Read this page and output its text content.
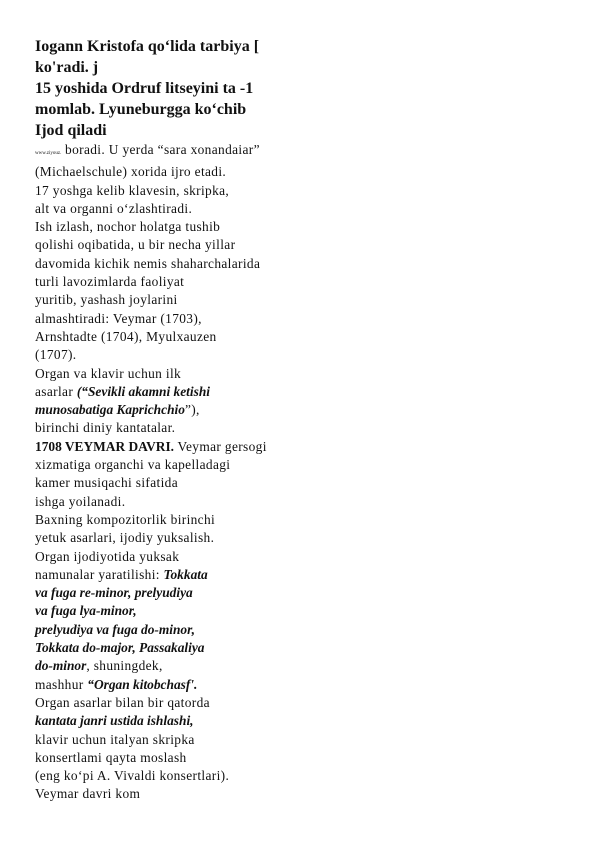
Iogann Kristofa qo‘lida tarbiya [
ko'radi. j
15 yoshida Ordruf litseyini ta -1
momlab. Lyuneburgga ko‘chib
Ijod qiladi
www.ziyouz. boradi. U yerda “sara xonandaiar”
(Michaelschule) xorida ijro etadi.
17 yoshga kelib klavesin, skripka,
alt va organni o‘zlashtiradi.
Ish izlash, nochor holatga tushib
qolishi oqibatida, u bir necha yillar
davomida kichik nemis shaharchalarida
turli lavozimlarda faoliyat
yuritib, yashash joylarini
almashtiradi: Veymar (1703),
Arnshtadte (1704), Myulxauzen
(1707).
Organ va klavir uchun ilk
asarlar (“Sevikli akamni ketishi
munosabatiga Kaprichchio”),
birinchi diniy kantatalar.
1708 VEYMAR DAVRI. Veymar gersogi
xizmatiga organchi va kapelladagi
kamer musiqachi sifatida
ishga yoilanadi.
Baxning kompozitorlik birinchi
yetuk asarlari, ijodiy yuksalish.
Organ ijodiyotida yuksak
namunalar yaratilishi: Tokkata
va fuga re-minor, prelyudiya
va fuga lya-minor,
prelyudiya va fuga do-minor,
Tokkata do-major, Passakaliya
do-minor, shuningdek,
mashhur “Organ kitobchasf'.
Organ asarlar bilan bir qatorda
kantata janri ustida ishlashi,
klavir uchun italyan skripka
konsertlami qayta moslash
(eng ko‘pi A. Vivaldi konsertlari).
Veymar davri kom
